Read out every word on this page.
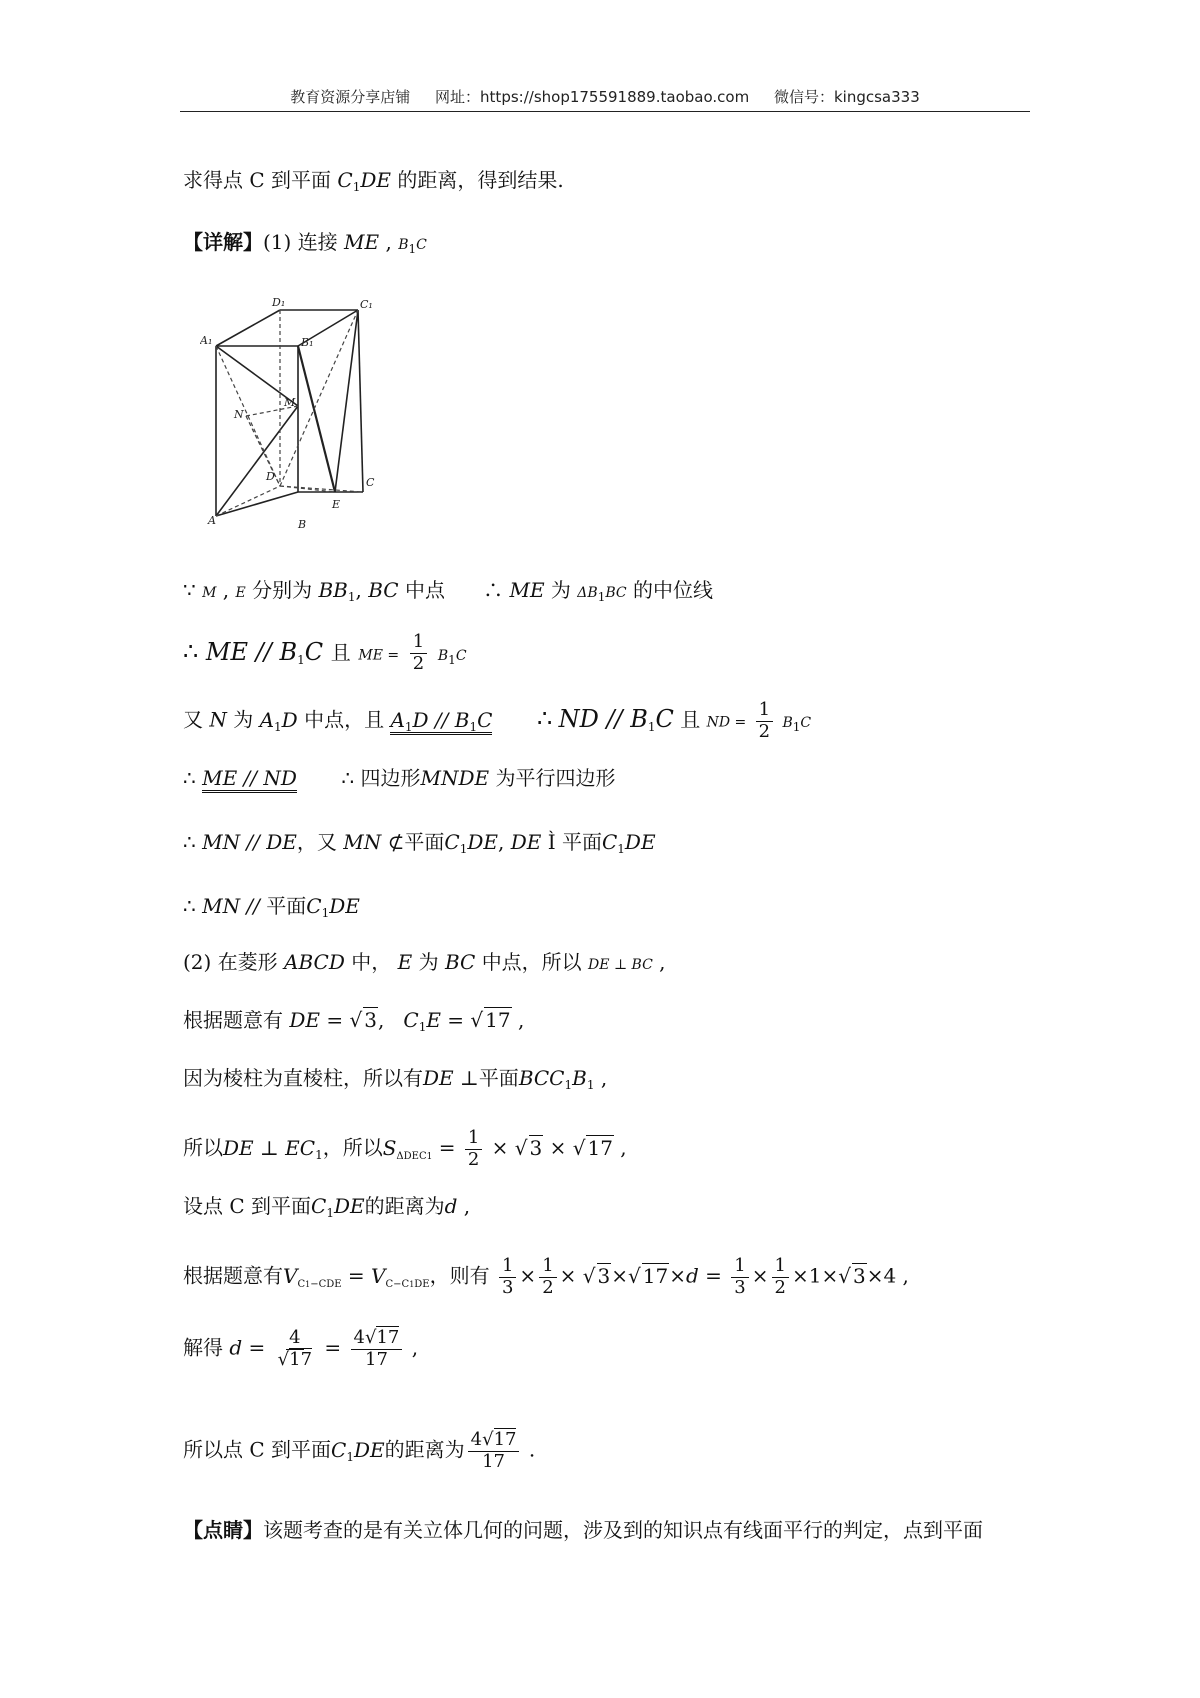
教育资源分享店铺 网址：https://shop175591889.taobao.com 微信号：kingcsa333
求得点 C 到平面 $C_1DE$ 的距离，得到结果.
【详解】(1) 连接 ME , B1C
D₁	C₁
A₁	B₁
N
M
D	C
A	B
E
∵ M , E 分别为 $BB_1$, BC 中点 ∴ ME 为 ΔB1BC 的中位线
∴ ME // $B_1C$ 且 ME = $\frac{1}{2} B1C$
又 N 为 $A_1D$ 中点，且 $A_1D // B_1C$ ∴ ND // $B_1C$ 且 ND = $\frac{1}{2} B1C$
∴ ME // ND ∴ 四边形MNDE 为平行四边形
∴ MN // DE，又 MN ⊄平面$C_1DE$, DE Ì 平面$C_1DE$
∴ MN // 平面$C_1DE$
(2) 在菱形 ABCD 中， E 为 BC 中点，所以 DE ⊥ BC ,
根据题意有 DE = √ 3,   $C_1E$ = √ 17 ,
因为棱柱为直棱柱，所以有DE ⊥平面$BCC_1B_1$ ,
所以DE ⊥ $EC_1$，所以$S_{\Delta DEC1} = \frac{1}{2}$ × √ 3 × √ 17 ,
设点 C 到平面$C_1DE$的距离为d ,
根据题意有$V_{C1-CDE} = V_{C-C1DE}$，则有 $\frac{1}{3} \times \frac{1}{2}$ × √ 3×√ $17\times d = \frac{1}{3} \times \frac{1}{2} \times 1\times√$ 3×4 ,
解得 $d = \frac{4}{√17} = \frac{4√17}{17}$ ,
所以点 C 到平面$C_1DE$的距离为 $\frac{4√17}{17}$ .
【点睛】该题考查的是有关立体几何的问题，涉及到的知识点有线面平行的判定，点到平面
